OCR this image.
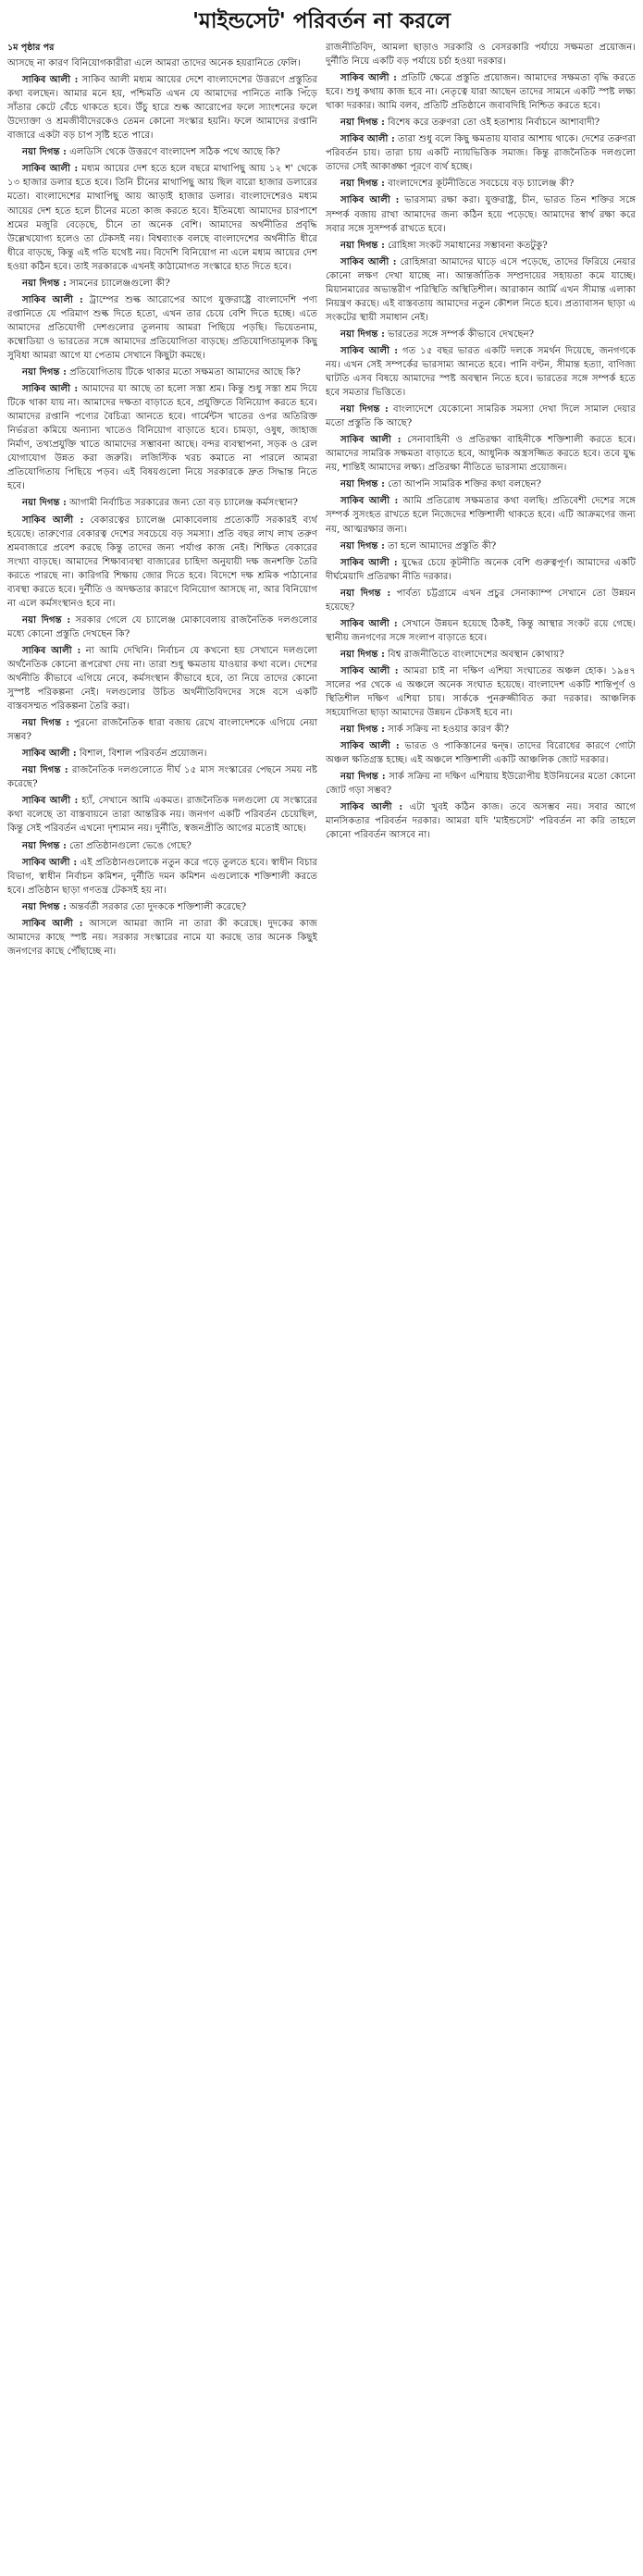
'মাইন্ডসেট' পরিবর্তন না করলে

১ম পৃষ্ঠার পর

আসছে না কারণ বিনিয়োগকারীরা এলে আমরা তাদের অনেক হয়রানিতে ফেলি।

সাকিব আলী : সাকিব আলী মধ্যম আয়ের দেশে বাংলাদেশের উত্তরণে প্রস্তুতির কথা বলছেন। আমার মনে হয়, পশ্চিমতি এখন যে আমাদের পানিতে নাকি পিঁড়ে সাঁতার কেটে বেঁচে থাকতে হবে। উঁচু হারে শুল্ক আরোপের ফলে স্যাংশনের ফলে উদ্যোক্তা ও শ্রমজীবীদেরকেও তেমন কোনো সংস্কার হয়নি। ফলে আমাদের রপ্তানি বাজারে একটা বড় চাপ সৃষ্টি হতে পারে।

নয়া দিগন্ত : এলডিসি থেকে উত্তরণে বাংলাদেশ সঠিক পথে আছে কি?

সাকিব আলী : মধ্যম আয়ের দেশ হতে হলে বছরে মাথাপিছু আয় ১২ শ' থেকে ১৩ হাজার ডলার হতে হবে। তিনি চীনের মাথাপিছু আয় ছিল বারো হাজার ডলারের মতো। বাংলাদেশের মাথাপিছু আয় আড়াই হাজার ডলার। বাংলাদেশেরও মধ্যম আয়ের দেশ হতে হলে চীনের মতো কাজ করতে হবে। ইতিমধ্যে আমাদের চারপাশে শ্রমের মজুরি বেড়েছে, চীনে তা অনেক বেশি। আমাদের অর্থনীতির প্রবৃদ্ধি উল্লেখযোগ্য হলেও তা টেকসই নয়। বিশ্বব্যাংক বলছে বাংলাদেশের অর্থনীতি ধীরে ধীরে বাড়ছে, কিন্তু এই গতি যথেষ্ট নয়। বিদেশি বিনিয়োগ না এলে মধ্যম আয়ের দেশ হওয়া কঠিন হবে। তাই সরকারকে এখনই কাঠামোগত সংস্কারে হাত দিতে হবে।

নয়া দিগন্ত : সামনের চ্যালেঞ্জগুলো কী?

সাকিব আলী : ট্রাম্পের শুল্ক আরোপের আগে যুক্তরাষ্ট্রে বাংলাদেশি পণ্য রপ্তানিতে যে পরিমাণ শুল্ক দিতে হতো, এখন তার চেয়ে বেশি দিতে হচ্ছে। এতে আমাদের প্রতিযোগী দেশগুলোর তুলনায় আমরা পিছিয়ে পড়ছি। ভিয়েতনাম, কম্বোডিয়া ও ভারতের সঙ্গে আমাদের প্রতিযোগিতা বাড়ছে। প্রতিযোগিতামূলক কিছু সুবিধা আমরা আগে যা পেতাম সেখানে কিছুটা কমছে।

নয়া দিগন্ত : প্রতিযোগিতায় টিকে থাকার মতো সক্ষমতা আমাদের আছে কি?

সাকিব আলী : আমাদের যা আছে তা হলো সস্তা শ্রম। কিন্তু শুধু সস্তা শ্রম দিয়ে টিকে থাকা যায় না। আমাদের দক্ষতা বাড়াতে হবে, প্রযুক্তিতে বিনিয়োগ করতে হবে। আমাদের রপ্তানি পণ্যের বৈচিত্র্য আনতে হবে। গার্মেন্টস খাতের ওপর অতিরিক্ত নির্ভরতা কমিয়ে অন্যান্য খাতেও বিনিয়োগ বাড়াতে হবে। চামড়া, ওষুধ, জাহাজ নির্মাণ, তথ্যপ্রযুক্তি খাতে আমাদের সম্ভাবনা আছে। বন্দর ব্যবস্থাপনা, সড়ক ও রেল যোগাযোগ উন্নত করা জরুরি। লজিস্টিক খরচ কমাতে না পারলে আমরা প্রতিযোগিতায় পিছিয়ে পড়ব। এই বিষয়গুলো নিয়ে সরকারকে দ্রুত সিদ্ধান্ত নিতে হবে।

নয়া দিগন্ত : আগামী নির্বাচিত সরকারের জন্য তো বড় চ্যালেঞ্জ কর্মসংস্থান?

সাকিব আলী : বেকারত্বের চ্যালেঞ্জ মোকাবেলায় প্রত্যেকটি সরকারই ব্যর্থ হয়েছে। তারুণ্যের বেকারত্ব দেশের সবচেয়ে বড় সমস্যা। প্রতি বছর লাখ লাখ তরুণ শ্রমবাজারে প্রবেশ করছে কিন্তু তাদের জন্য পর্যাপ্ত কাজ নেই। শিক্ষিত বেকারের সংখ্যা বাড়ছে। আমাদের শিক্ষাব্যবস্থা বাজারের চাহিদা অনুযায়ী দক্ষ জনশক্তি তৈরি করতে পারছে না। কারিগরি শিক্ষায় জোর দিতে হবে। বিদেশে দক্ষ শ্রমিক পাঠানোর ব্যবস্থা করতে হবে। দুর্নীতি ও অদক্ষতার কারণে বিনিয়োগ আসছে না, আর বিনিয়োগ না এলে কর্মসংস্থানও হবে না।

নয়া দিগন্ত : সরকার গেলে যে চ্যালেঞ্জ মোকাবেলায় রাজনৈতিক দলগুলোর মধ্যে কোনো প্রস্তুতি দেখছেন কি?

সাকিব আলী : না আমি দেখিনি। নির্বাচন যে কখনো হয় সেখানে দলগুলো অর্থনৈতিক কোনো রূপরেখা দেয় না। তারা শুধু ক্ষমতায় যাওয়ার কথা বলে। দেশের অর্থনীতি কীভাবে এগিয়ে নেবে, কর্মসংস্থান কীভাবে হবে, তা নিয়ে তাদের কোনো সুস্পষ্ট পরিকল্পনা নেই। দলগুলোর উচিত অর্থনীতিবিদদের সঙ্গে বসে একটি বাস্তবসম্মত পরিকল্পনা তৈরি করা।

নয়া দিগন্ত : পুরনো রাজনৈতিক ধারা বজায় রেখে বাংলাদেশকে এগিয়ে নেয়া সম্ভব?

সাকিব আলী : বিশাল, বিশাল পরিবর্তন প্রয়োজন।

নয়া দিগন্ত : রাজনৈতিক দলগুলোতে দীর্ঘ ১৫ মাস সংস্কারের পেছনে সময় নষ্ট করেছে?

সাকিব আলী : হ্যাঁ, সেখানে আমি একমত। রাজনৈতিক দলগুলো যে সংস্কারের কথা বলেছে তা বাস্তবায়নে তারা আন্তরিক নয়। জনগণ একটি পরিবর্তন চেয়েছিল, কিন্তু সেই পরিবর্তন এখনো দৃশ্যমান নয়। দুর্নীতি, স্বজনপ্রীতি আগের মতোই আছে।

নয়া দিগন্ত : তো প্রতিষ্ঠানগুলো ভেঙে গেছে?

সাকিব আলী : এই প্রতিষ্ঠানগুলোকে নতুন করে গড়ে তুলতে হবে। স্বাধীন বিচার বিভাগ, স্বাধীন নির্বাচন কমিশন, দুর্নীতি দমন কমিশন এগুলোকে শক্তিশালী করতে হবে। প্রতিষ্ঠান ছাড়া গণতন্ত্র টেকসই হয় না।

নয়া দিগন্ত : অন্তর্বর্তী সরকার তো দুদককে শক্তিশালী করেছে?

সাকিব আলী : আসলে আমরা জানি না তারা কী করেছে। দুদকের কাজ আমাদের কাছে স্পষ্ট নয়। সরকার সংস্কারের নামে যা করছে তার অনেক কিছুই জনগণের কাছে পৌঁছাচ্ছে না।

রাজনীতিবিদ, আমলা ছাড়াও সরকারি ও বেসরকারি পর্যায়ে সক্ষমতা প্রয়োজন। দুর্নীতি নিয়ে একটি বড় পর্যায়ে চর্চা হওয়া দরকার।

সাকিব আলী : প্রতিটি ক্ষেত্রে প্রস্তুতি প্রয়োজন। আমাদের সক্ষমতা বৃদ্ধি করতে হবে। শুধু কথায় কাজ হবে না। নেতৃত্বে যারা আছেন তাদের সামনে একটি স্পষ্ট লক্ষ্য থাকা দরকার। আমি বলব, প্রতিটি প্রতিষ্ঠানে জবাবদিহি নিশ্চিত করতে হবে।

নয়া দিগন্ত : বিশেষ করে তরুণরা তো ওই হতাশায় নির্বাচনে আশাবাদী?

সাকিব আলী : তারা শুধু বলে কিছু ক্ষমতায় যাবার আশায় থাকে। দেশের তরুণরা পরিবর্তন চায়। তারা চায় একটি ন্যায়ভিত্তিক সমাজ। কিন্তু রাজনৈতিক দলগুলো তাদের সেই আকাঙ্ক্ষা পূরণে ব্যর্থ হচ্ছে।

নয়া দিগন্ত : বাংলাদেশের কূটনীতিতে সবচেয়ে বড় চ্যালেঞ্জ কী?

সাকিব আলী : ভারসাম্য রক্ষা করা। যুক্তরাষ্ট্র, চীন, ভারত তিন শক্তির সঙ্গে সম্পর্ক বজায় রাখা আমাদের জন্য কঠিন হয়ে পড়েছে। আমাদের স্বার্থ রক্ষা করে সবার সঙ্গে সুসম্পর্ক রাখতে হবে।

নয়া দিগন্ত : রোহিঙ্গা সংকট সমাধানের সম্ভাবনা কতটুকু?

সাকিব আলী : রোহিঙ্গারা আমাদের ঘাড়ে এসে পড়েছে, তাদের ফিরিয়ে নেয়ার কোনো লক্ষণ দেখা যাচ্ছে না। আন্তর্জাতিক সম্প্রদায়ের সহায়তা কমে যাচ্ছে। মিয়ানমারের অভ্যন্তরীণ পরিস্থিতি অস্থিতিশীল। আরাকান আর্মি এখন সীমান্ত এলাকা নিয়ন্ত্রণ করছে। এই বাস্তবতায় আমাদের নতুন কৌশল নিতে হবে। প্রত্যাবাসন ছাড়া এ সংকটের স্থায়ী সমাধান নেই।

নয়া দিগন্ত : ভারতের সঙ্গে সম্পর্ক কীভাবে দেখছেন?

সাকিব আলী : গত ১৫ বছর ভারত একটি দলকে সমর্থন দিয়েছে, জনগণকে নয়। এখন সেই সম্পর্কের ভারসাম্য আনতে হবে। পানি বণ্টন, সীমান্ত হত্যা, বাণিজ্য ঘাটতি এসব বিষয়ে আমাদের স্পষ্ট অবস্থান নিতে হবে। ভারতের সঙ্গে সম্পর্ক হতে হবে সমতার ভিত্তিতে।

নয়া দিগন্ত : বাংলাদেশে যেকোনো সামরিক সমস্যা দেখা দিলে সামাল দেয়ার মতো প্রস্তুতি কি আছে?

সাকিব আলী : সেনাবাহিনী ও প্রতিরক্ষা বাহিনীকে শক্তিশালী করতে হবে। আমাদের সামরিক সক্ষমতা বাড়াতে হবে, আধুনিক অস্ত্রসজ্জিত করতে হবে। তবে যুদ্ধ নয়, শান্তিই আমাদের লক্ষ্য। প্রতিরক্ষা নীতিতে ভারসাম্য প্রয়োজন।

নয়া দিগন্ত : তো আপনি সামরিক শক্তির কথা বলছেন?

সাকিব আলী : আমি প্রতিরোধ সক্ষমতার কথা বলছি। প্রতিবেশী দেশের সঙ্গে সম্পর্ক সুসংহত রাখতে হলে নিজেদের শক্তিশালী থাকতে হবে। এটি আক্রমণের জন্য নয়, আত্মরক্ষার জন্য।

নয়া দিগন্ত : তা হলে আমাদের প্রস্তুতি কী?

সাকিব আলী : যুদ্ধের চেয়ে কূটনীতি অনেক বেশি গুরুত্বপূর্ণ। আমাদের একটি দীর্ঘমেয়াদি প্রতিরক্ষা নীতি দরকার।

নয়া দিগন্ত : পার্বত্য চট্টগ্রামে এখন প্রচুর সেনাক্যাম্প সেখানে তো উন্নয়ন হয়েছে?

সাকিব আলী : সেখানে উন্নয়ন হয়েছে ঠিকই, কিন্তু আস্থার সংকট রয়ে গেছে। স্থানীয় জনগণের সঙ্গে সংলাপ বাড়াতে হবে।

নয়া দিগন্ত : বিশ্ব রাজনীতিতে বাংলাদেশের অবস্থান কোথায়?

সাকিব আলী : আমরা চাই না দক্ষিণ এশিয়া সংঘাতের অঞ্চল হোক। ১৯৪৭ সালের পর থেকে এ অঞ্চলে অনেক সংঘাত হয়েছে। বাংলাদেশ একটি শান্তিপূর্ণ ও স্থিতিশীল দক্ষিণ এশিয়া চায়। সার্ককে পুনরুজ্জীবিত করা দরকার। আঞ্চলিক সহযোগিতা ছাড়া আমাদের উন্নয়ন টেকসই হবে না।

নয়া দিগন্ত : সার্ক সক্রিয় না হওয়ার কারণ কী?

সাকিব আলী : ভারত ও পাকিস্তানের দ্বন্দ্ব। তাদের বিরোধের কারণে গোটা অঞ্চল ক্ষতিগ্রস্ত হচ্ছে। এই অঞ্চলে শক্তিশালী একটি আঞ্চলিক জোট দরকার।

নয়া দিগন্ত : সার্ক সক্রিয় না দক্ষিণ এশিয়ায় ইউরোপীয় ইউনিয়নের মতো কোনো জোট গড়া সম্ভব?

সাকিব আলী : এটা খুবই কঠিন কাজ। তবে অসম্ভব নয়। সবার আগে মানসিকতার পরিবর্তন দরকার। আমরা যদি 'মাইন্ডসেট' পরিবর্তন না করি তাহলে কোনো পরিবর্তন আসবে না।
